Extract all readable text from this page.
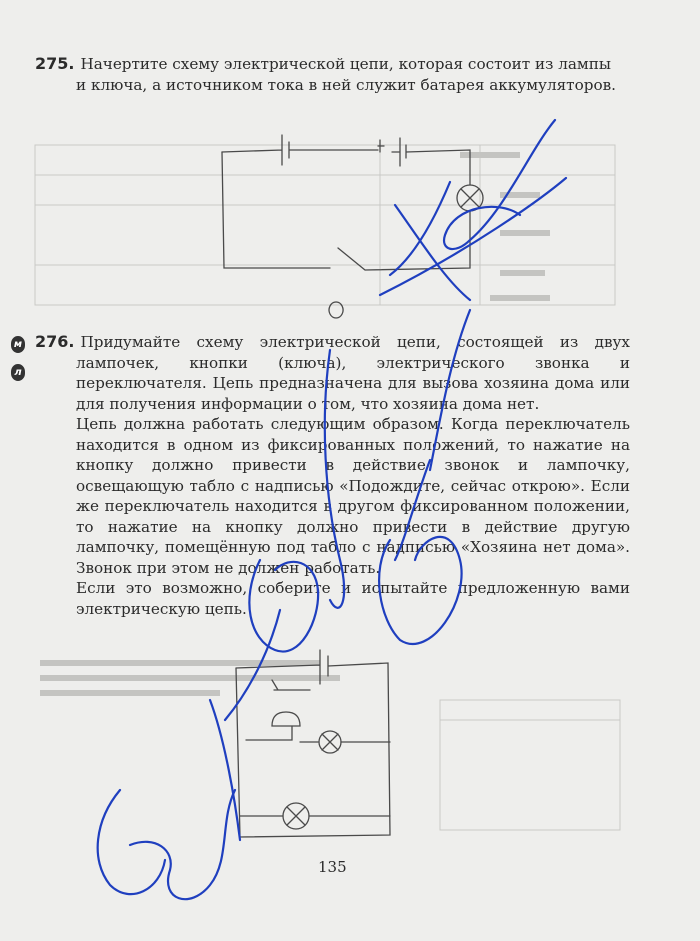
275. Начертите схему электрической цепи, которая состоит из лампы
и ключа, а источником тока в ней служит батарея аккумуляторов.
м
л

276. Придумайте схему электрической цепи, состоящей из двух лампочек, кнопки (ключа), электрического звонка и переключателя. Цепь предназначена для вызова хозяина дома или для получения информации о том, что хозяина дома нет.

Цепь должна работать следующим образом. Когда переключатель находится в одном из фиксированных положений, то нажатие на кнопку должно привести в действие звонок и лампочку, освещающую табло с надписью «Подождите, сейчас открою». Если же переключатель находится в другом фиксированном положении, то нажатие на кнопку должно привести в действие другую лампочку, помещённую под табло с надписью «Хозяина нет дома». Звонок при этом не должен работать.

Если это возможно, соберите и испытайте предложенную вами электрическую цепь.

135
